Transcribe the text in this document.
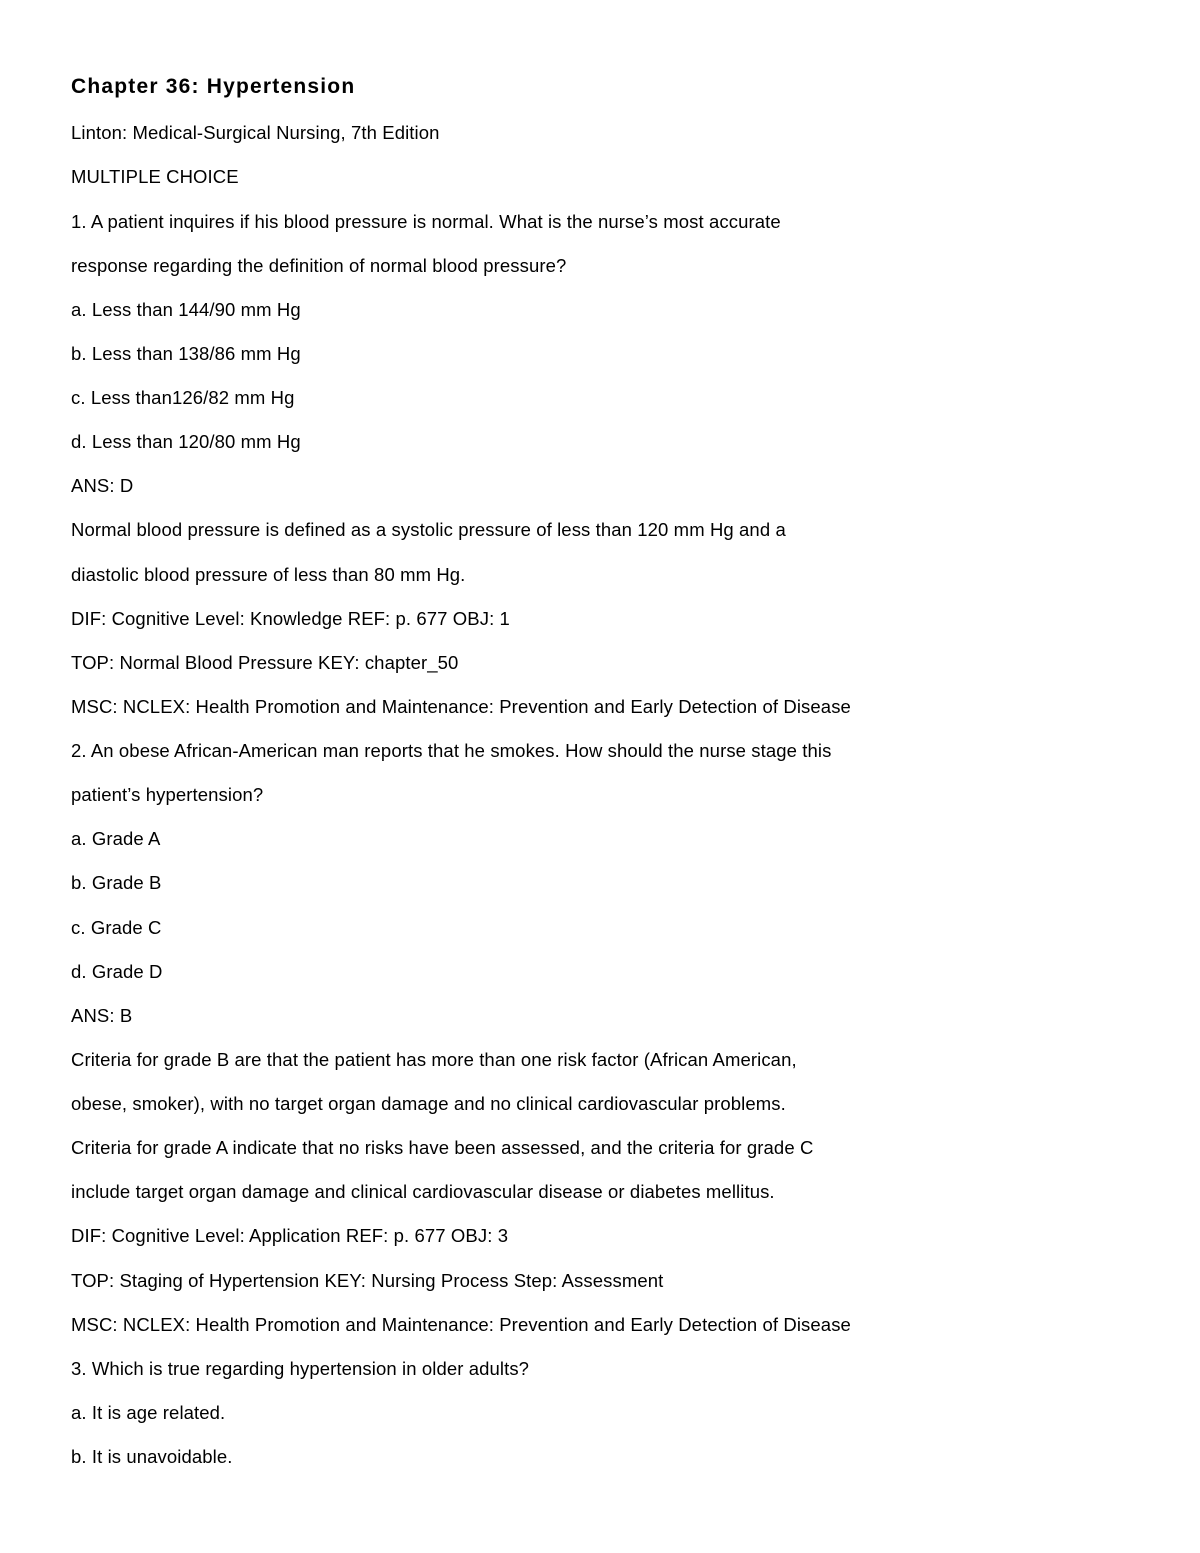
Chapter 36: Hypertension
Linton: Medical-Surgical Nursing, 7th Edition
MULTIPLE CHOICE
1. A patient inquires if his blood pressure is normal. What is the nurse’s most accurate
response regarding the definition of normal blood pressure?
a. Less than 144/90 mm Hg
b. Less than 138/86 mm Hg
c. Less than126/82 mm Hg
d. Less than 120/80 mm Hg
ANS: D
Normal blood pressure is defined as a systolic pressure of less than 120 mm Hg and a
diastolic blood pressure of less than 80 mm Hg.
DIF: Cognitive Level: Knowledge REF: p. 677 OBJ: 1
TOP: Normal Blood Pressure KEY: chapter_50
MSC: NCLEX: Health Promotion and Maintenance: Prevention and Early Detection of Disease
2. An obese African-American man reports that he smokes. How should the nurse stage this
patient’s hypertension?
a. Grade A
b. Grade B
c. Grade C
d. Grade D
ANS: B
Criteria for grade B are that the patient has more than one risk factor (African American,
obese, smoker), with no target organ damage and no clinical cardiovascular problems.
Criteria for grade A indicate that no risks have been assessed, and the criteria for grade C
include target organ damage and clinical cardiovascular disease or diabetes mellitus.
DIF: Cognitive Level: Application REF: p. 677 OBJ: 3
TOP: Staging of Hypertension KEY: Nursing Process Step: Assessment
MSC: NCLEX: Health Promotion and Maintenance: Prevention and Early Detection of Disease
3. Which is true regarding hypertension in older adults?
a. It is age related.
b. It is unavoidable.
